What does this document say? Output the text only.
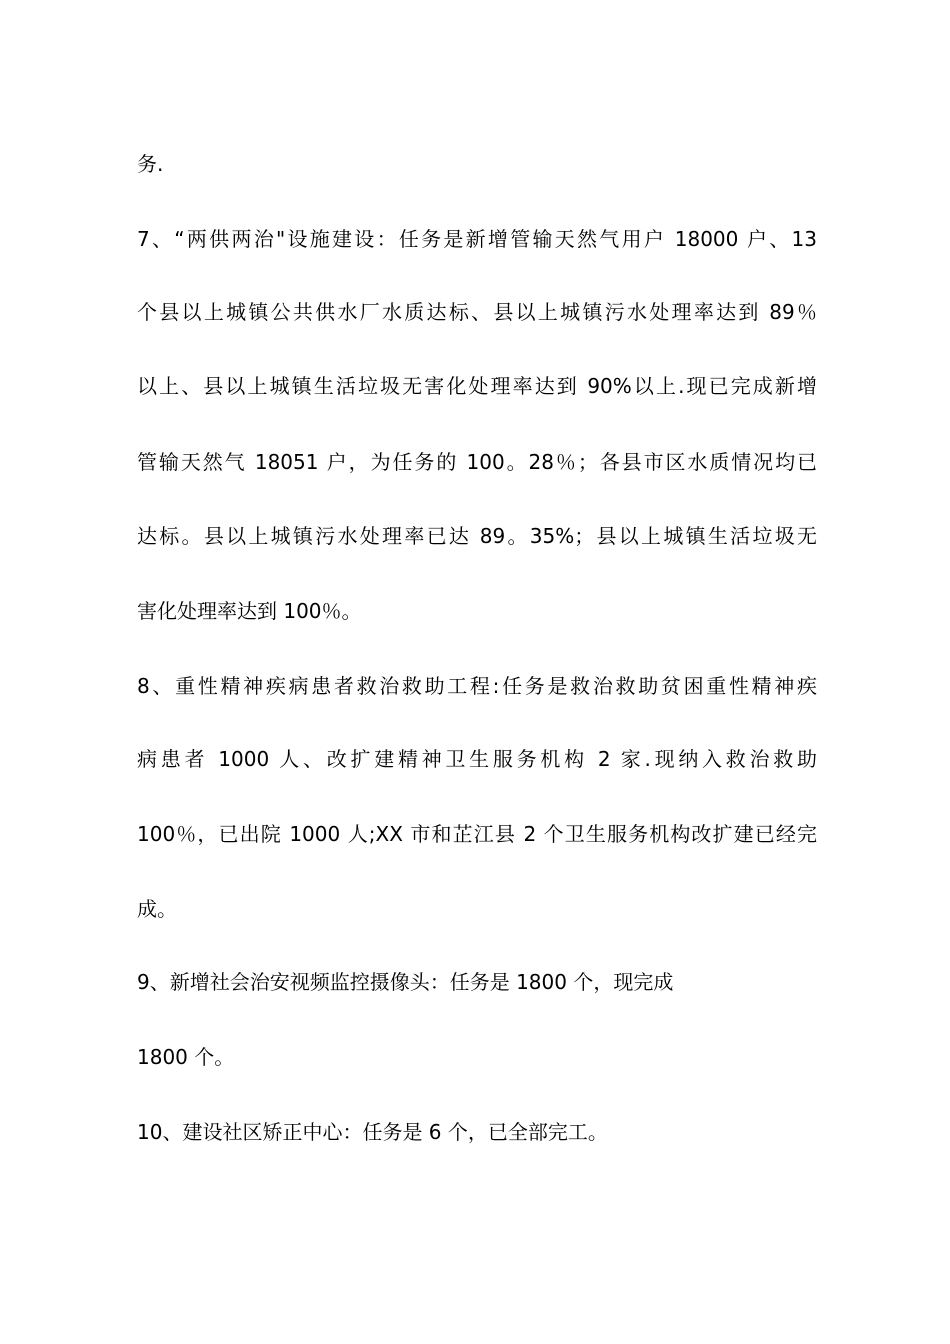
务.
7、“两供两治"设施建设：任务是新增管输天然气用户 18000 户、13
个县以上城镇公共供水厂水质达标、县以上城镇污水处理率达到 89％
以上、县以上城镇生活垃圾无害化处理率达到 90%以上.现已完成新增
管输天然气 18051 户，为任务的 100。28％；各县市区水质情况均已
达标。县以上城镇污水处理率已达 89。35%；县以上城镇生活垃圾无
害化处理率达到 100％。
8、重性精神疾病患者救治救助工程:任务是救治救助贫困重性精神疾
病患者 1000 人、改扩建精神卫生服务机构 2 家.现纳入救治救助
100％，已出院 1000 人;XX 市和芷江县 2 个卫生服务机构改扩建已经完
成。
9、新增社会治安视频监控摄像头：任务是 1800 个，现完成
1800 个。
10、建设社区矫正中心：任务是 6 个，已全部完工。
